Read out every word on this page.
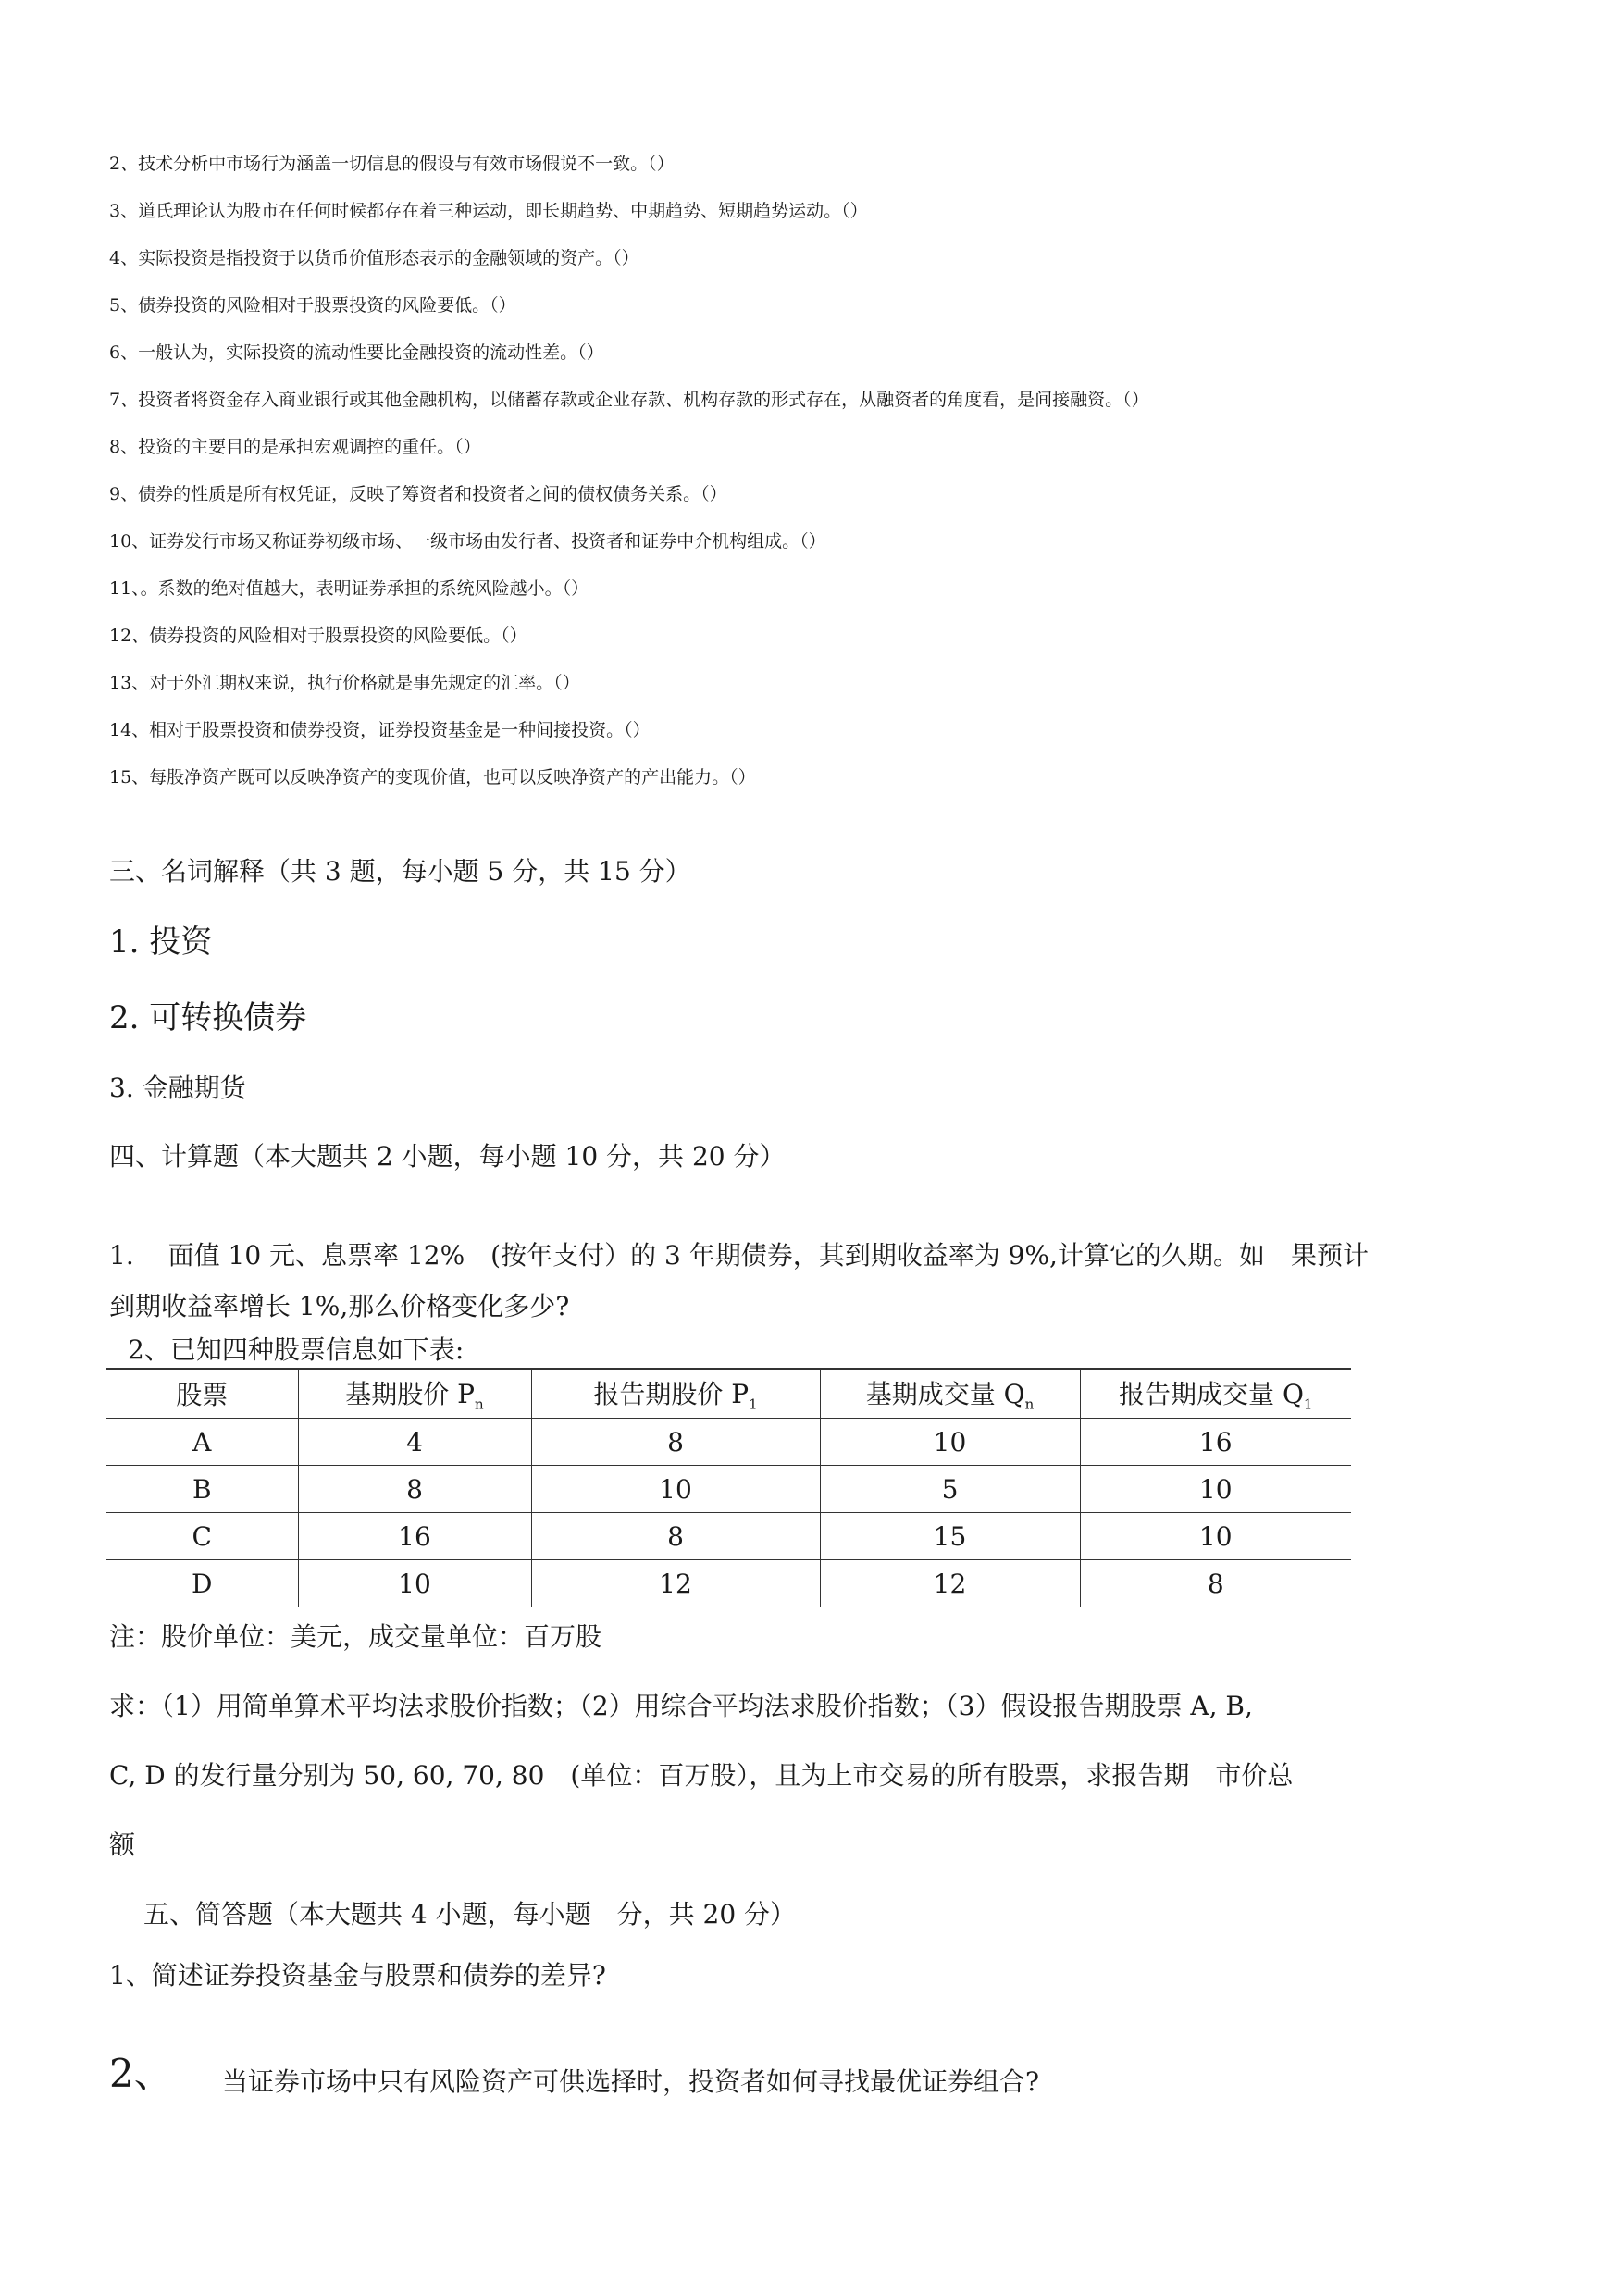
2、技术分析中市场行为涵盖一切信息的假设与有效市场假说不一致。（）
3、道氏理论认为股市在任何时候都存在着三种运动，即长期趋势、中期趋势、短期趋势运动。（）
4、实际投资是指投资于以货币价值形态表示的金融领域的资产。（）
5、债券投资的风险相对于股票投资的风险要低。（）
6、一般认为，实际投资的流动性要比金融投资的流动性差。（）
7、投资者将资金存入商业银行或其他金融机构，以储蓄存款或企业存款、机构存款的形式存在，从融资者的角度看，是间接融资。（）
8、投资的主要目的是承担宏观调控的重任。（）
9、债券的性质是所有权凭证，反映了筹资者和投资者之间的债权债务关系。（）
10、证券发行市场又称证券初级市场、一级市场由发行者、投资者和证券中介机构组成。（）
11、。系数的绝对值越大，表明证券承担的系统风险越小。（）
12、债券投资的风险相对于股票投资的风险要低。（）
13、对于外汇期权来说，执行价格就是事先规定的汇率。（）
14、相对于股票投资和债券投资，证券投资基金是一种间接投资。（）
15、每股净资产既可以反映净资产的变现价值，也可以反映净资产的产出能力。（）
三、名词解释（共 3 题，每小题 5 分，共 15 分）
1. 投资
2. 可转换债券
3. 金融期货
四、计算题（本大题共 2 小题，每小题 10 分，共 20 分）
1.　 面值 10 元、息票率 12%　(按年支付）的 3 年期债券，其到期收益率为 9%,计算它的久期。如　果预计
到期收益率增长 1%,那么价格变化多少?
2、已知四种股票信息如下表:
股票	基期股价 $P_n$	报告期股价 $P_1$	基期成交量 $Q_n$	报告期成交量 $Q_1$
A	4	8	10	16
B	8	10	5	10
C	16	8	15	10
D	10	12	12	8
注：股价单位：美元，成交量单位：百万股
求：（1）用简单算术平均法求股价指数；（2）用综合平均法求股价指数；（3）假设报告期股票 A, B,
C, D 的发行量分别为 50, 60, 70, 80　(单位：百万股），且为上市交易的所有股票，求报告期　市价总
额
五、简答题（本大题共 4 小题，每小题　分，共 20 分）
1、简述证券投资基金与股票和债券的差异?
2、 当证券市场中只有风险资产可供选择时，投资者如何寻找最优证券组合?
